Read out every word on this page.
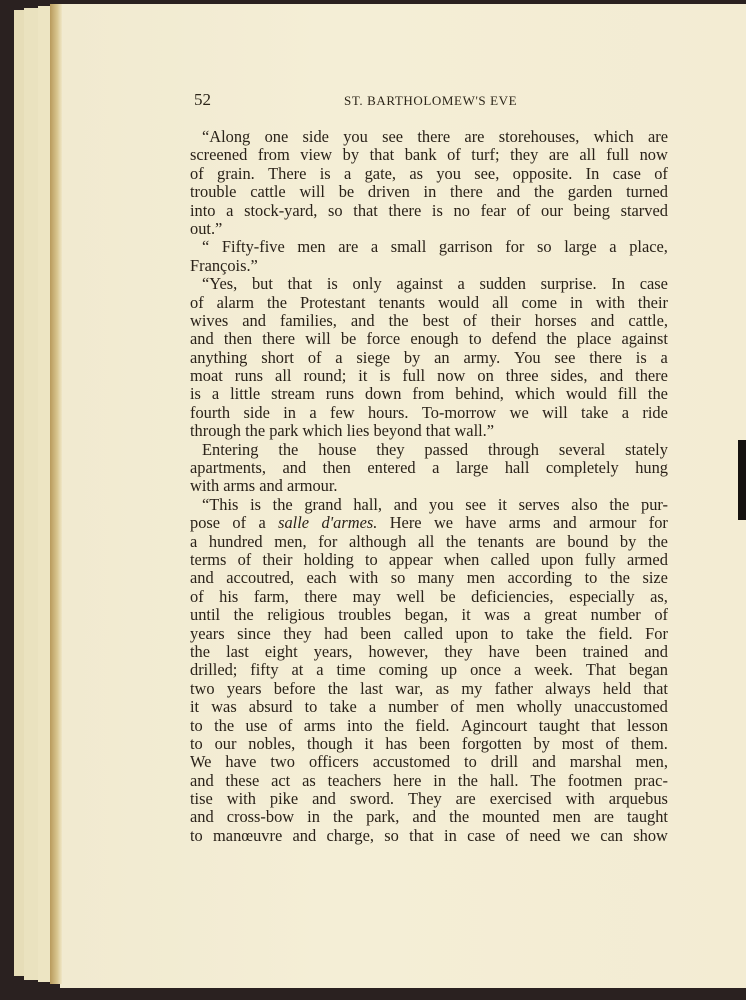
52	ST. BARTHOLOMEW'S EVE
“Along one side you see there are storehouses, which are
screened from view by that bank of turf; they are all full now
of grain. There is a gate, as you see, opposite. In case of
trouble cattle will be driven in there and the garden turned
into a stock-yard, so that there is no fear of our being starved
out.”
“ Fifty-five men are a small garrison for so large a place,
François.”
“Yes, but that is only against a sudden surprise. In case
of alarm the Protestant tenants would all come in with their
wives and families, and the best of their horses and cattle,
and then there will be force enough to defend the place against
anything short of a siege by an army. You see there is a
moat runs all round; it is full now on three sides, and there
is a little stream runs down from behind, which would fill the
fourth side in a few hours. To-morrow we will take a ride
through the park which lies beyond that wall.”
Entering the house they passed through several stately
apartments, and then entered a large hall completely hung
with arms and armour.
“This is the grand hall, and you see it serves also the pur-
pose of a salle d'armes. Here we have arms and armour for
a hundred men, for although all the tenants are bound by the
terms of their holding to appear when called upon fully armed
and accoutred, each with so many men according to the size
of his farm, there may well be deficiencies, especially as,
until the religious troubles began, it was a great number of
years since they had been called upon to take the field. For
the last eight years, however, they have been trained and
drilled; fifty at a time coming up once a week. That began
two years before the last war, as my father always held that
it was absurd to take a number of men wholly unaccustomed
to the use of arms into the field. Agincourt taught that lesson
to our nobles, though it has been forgotten by most of them.
We have two officers accustomed to drill and marshal men,
and these act as teachers here in the hall. The footmen prac-
tise with pike and sword. They are exercised with arquebus
and cross-bow in the park, and the mounted men are taught
to manœuvre and charge, so that in case of need we can show
